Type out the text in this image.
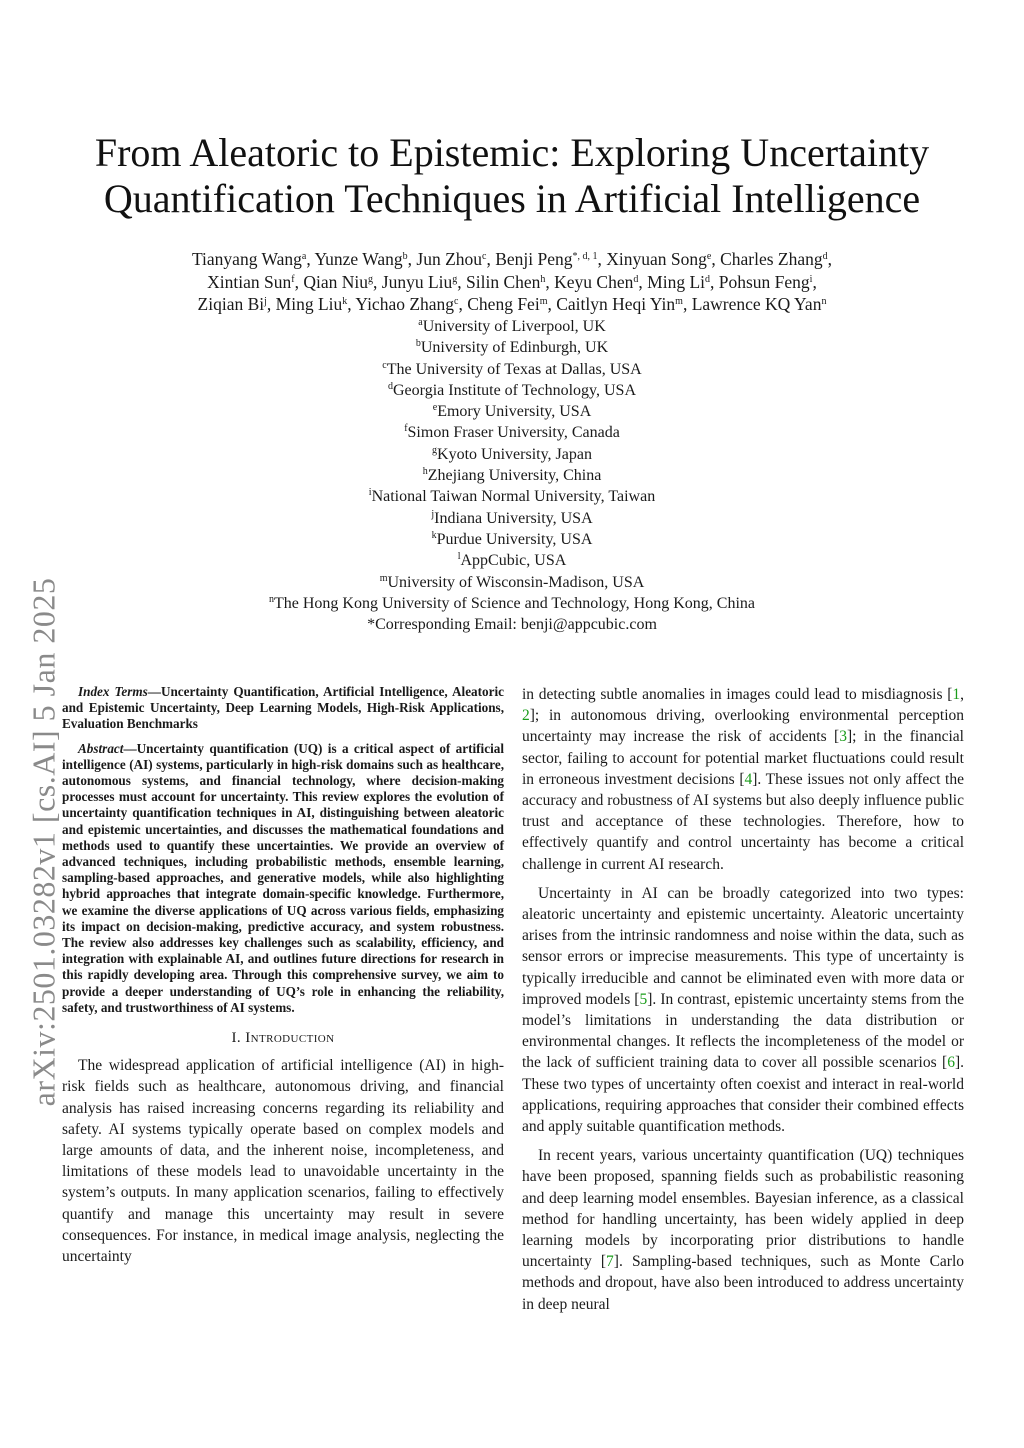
arXiv:2501.03282v1 [cs.AI] 5 Jan 2025
From Aleatoric to Epistemic: Exploring Uncertainty Quantification Techniques in Artificial Intelligence
Tianyang Wang$^a$, Yunze Wang$^b$, Jun Zhou$^c$, Benji Peng$^{*, d, 1}$, Xinyuan Song$^e$, Charles Zhang$^d$,
Xintian Sun$^f$, Qian Niu$^g$, Junyu Liu$^g$, Silin Chen$^h$, Keyu Chen$^d$, Ming Li$^d$, Pohsun Feng$^i$,
Ziqian Bi$^j$, Ming Liu$^k$, Yichao Zhang$^c$, Cheng Fei$^m$, Caitlyn Heqi Yin$^m$, Lawrence KQ Yan$^n$
$^a$University of Liverpool, UK
$^b$University of Edinburgh, UK
$^c$The University of Texas at Dallas, USA
$^d$Georgia Institute of Technology, USA
$^e$Emory University, USA
$^f$Simon Fraser University, Canada
$^g$Kyoto University, Japan
$^h$Zhejiang University, China
$^i$National Taiwan Normal University, Taiwan
$^j$Indiana University, USA
$^k$Purdue University, USA
$^l$AppCubic, USA
$^m$University of Wisconsin-Madison, USA
$^n$The Hong Kong University of Science and Technology, Hong Kong, China
*Corresponding Email: benji@appcubic.com

Index Terms—Uncertainty Quantification, Artificial Intelligence, Aleatoric and Epistemic Uncertainty, Deep Learning Models, High-Risk Applications, Evaluation Benchmarks

Abstract—Uncertainty quantification (UQ) is a critical aspect of artificial intelligence (AI) systems, particularly in high-risk domains such as healthcare, autonomous systems, and financial technology, where decision-making processes must account for uncertainty. This review explores the evolution of uncertainty quantification techniques in AI, distinguishing between aleatoric and epistemic uncertainties, and discusses the mathematical foundations and methods used to quantify these uncertainties. We provide an overview of advanced techniques, including probabilistic methods, ensemble learning, sampling-based approaches, and generative models, while also highlighting hybrid approaches that integrate domain-specific knowledge. Furthermore, we examine the diverse applications of UQ across various fields, emphasizing its impact on decision-making, predictive accuracy, and system robustness. The review also addresses key challenges such as scalability, efficiency, and integration with explainable AI, and outlines future directions for research in this rapidly developing area. Through this comprehensive survey, we aim to provide a deeper understanding of UQ’s role in enhancing the reliability, safety, and trustworthiness of AI systems.

I. Introduction

The widespread application of artificial intelligence (AI) in high-risk fields such as healthcare, autonomous driving, and financial analysis has raised increasing concerns regarding its reliability and safety. AI systems typically operate based on complex models and large amounts of data, and the inherent noise, incompleteness, and limitations of these models lead to unavoidable uncertainty in the system’s outputs. In many application scenarios, failing to effectively quantify and manage this uncertainty may result in severe consequences. For instance, in medical image analysis, neglecting the uncertainty

in detecting subtle anomalies in images could lead to misdiagnosis [1, 2]; in autonomous driving, overlooking environmental perception uncertainty may increase the risk of accidents [3]; in the financial sector, failing to account for potential market fluctuations could result in erroneous investment decisions [4]. These issues not only affect the accuracy and robustness of AI systems but also deeply influence public trust and acceptance of these technologies. Therefore, how to effectively quantify and control uncertainty has become a critical challenge in current AI research.

Uncertainty in AI can be broadly categorized into two types: aleatoric uncertainty and epistemic uncertainty. Aleatoric uncertainty arises from the intrinsic randomness and noise within the data, such as sensor errors or imprecise measurements. This type of uncertainty is typically irreducible and cannot be eliminated even with more data or improved models [5]. In contrast, epistemic uncertainty stems from the model’s limitations in understanding the data distribution or environmental changes. It reflects the incompleteness of the model or the lack of sufficient training data to cover all possible scenarios [6]. These two types of uncertainty often coexist and interact in real-world applications, requiring approaches that consider their combined effects and apply suitable quantification methods.

In recent years, various uncertainty quantification (UQ) techniques have been proposed, spanning fields such as probabilistic reasoning and deep learning model ensembles. Bayesian inference, as a classical method for handling uncertainty, has been widely applied in deep learning models by incorporating prior distributions to handle uncertainty [7]. Sampling-based techniques, such as Monte Carlo methods and dropout, have also been introduced to address uncertainty in deep neural
